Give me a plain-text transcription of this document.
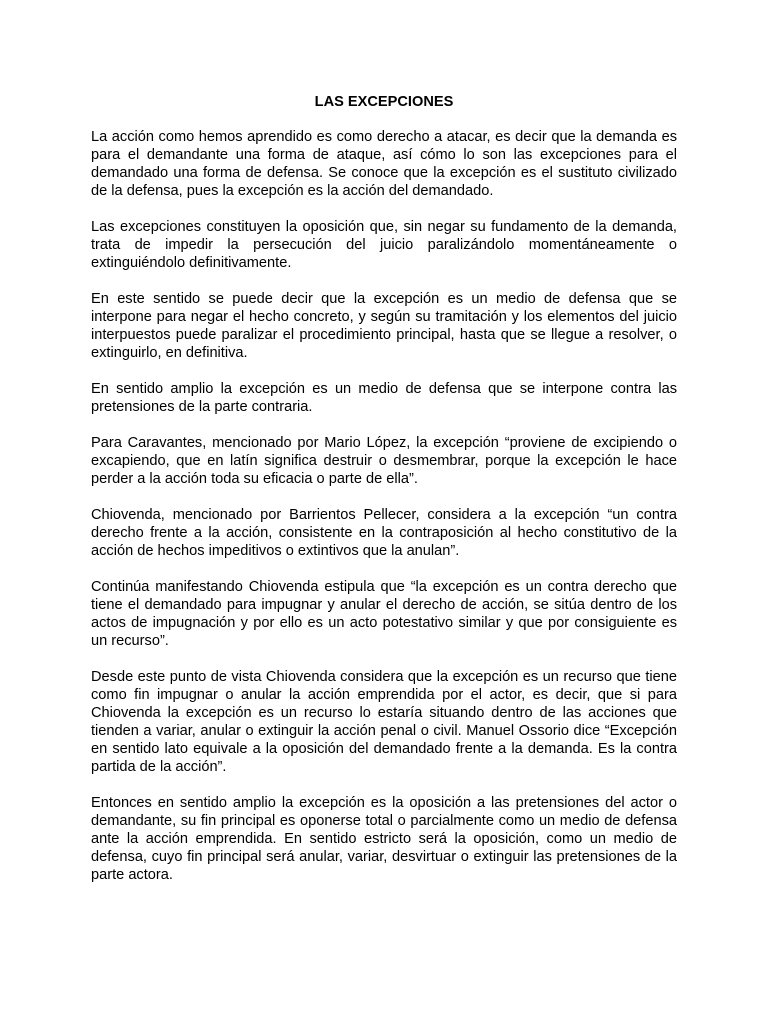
LAS EXCEPCIONES

La acción como hemos aprendido es como derecho a atacar, es decir que la demanda es para el demandante una forma de ataque, así cómo lo son las excepciones para el demandado una forma de defensa. Se conoce que la excepción es el sustituto civilizado de la defensa, pues la excepción es la acción del demandado.

Las excepciones constituyen la oposición que, sin negar su fundamento de la demanda, trata de impedir la persecución del juicio paralizándolo momentáneamente o extinguiéndolo definitivamente.

En este sentido se puede decir que la excepción es un medio de defensa que se interpone para negar el hecho concreto, y según su tramitación y los elementos del juicio interpuestos puede paralizar el procedimiento principal, hasta que se llegue a resolver, o extinguirlo, en definitiva.

En sentido amplio la excepción es un medio de defensa que se interpone contra las pretensiones de la parte contraria.

Para Caravantes, mencionado por Mario López, la excepción “proviene de excipiendo o excapiendo, que en latín significa destruir o desmembrar, porque la excepción le hace perder a la acción toda su eficacia o parte de ella”.

Chiovenda, mencionado por Barrientos Pellecer, considera a la excepción “un contra derecho frente a la acción, consistente en la contraposición al hecho constitutivo de la acción de hechos impeditivos o extintivos que la anulan”.

Continúa manifestando Chiovenda estipula que “la excepción es un contra derecho que tiene el demandado para impugnar y anular el derecho de acción, se sitúa dentro de los actos de impugnación y por ello es un acto potestativo similar y que por consiguiente es un recurso”.

Desde este punto de vista Chiovenda considera que la excepción es un recurso que tiene como fin impugnar o anular la acción emprendida por el actor, es decir, que si para Chiovenda la excepción es un recurso lo estaría situando dentro de las acciones que tienden a variar, anular o extinguir la acción penal o civil. Manuel Ossorio dice “Excepción en sentido lato equivale a la oposición del demandado frente a la demanda. Es la contra partida de la acción”.

Entonces en sentido amplio la excepción es la oposición a las pretensiones del actor o demandante, su fin principal es oponerse total o parcialmente como un medio de defensa ante la acción emprendida. En sentido estricto será la oposición, como un medio de defensa, cuyo fin principal será anular, variar, desvirtuar o extinguir las pretensiones de la parte actora.
